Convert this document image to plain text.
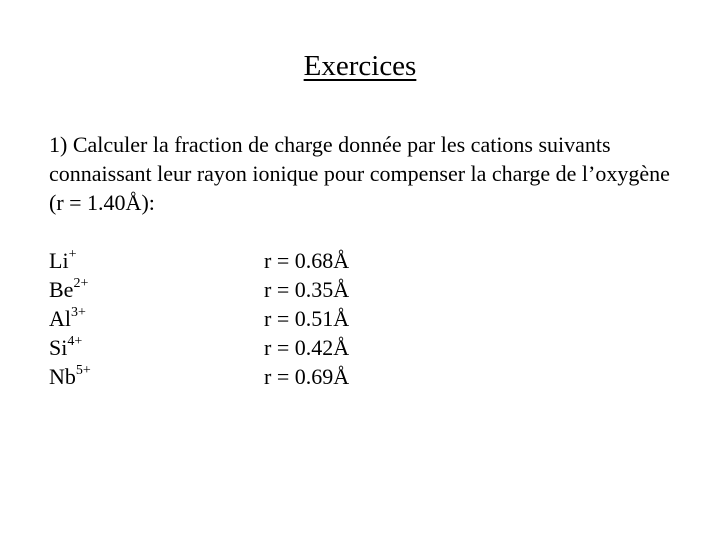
Exercices
1) Calculer la fraction de charge donnée par les cations suivants connaissant leur rayon ionique pour compenser la charge de l’oxygène (r = 1.40Å):
Li+
$Be^{2+}$
$Al^{3+}$
$Si^{4+}$
$Nb^{5+}$
r = 0.68Å
r = 0.35Å
r = 0.51Å
r = 0.42Å
r = 0.69Å
